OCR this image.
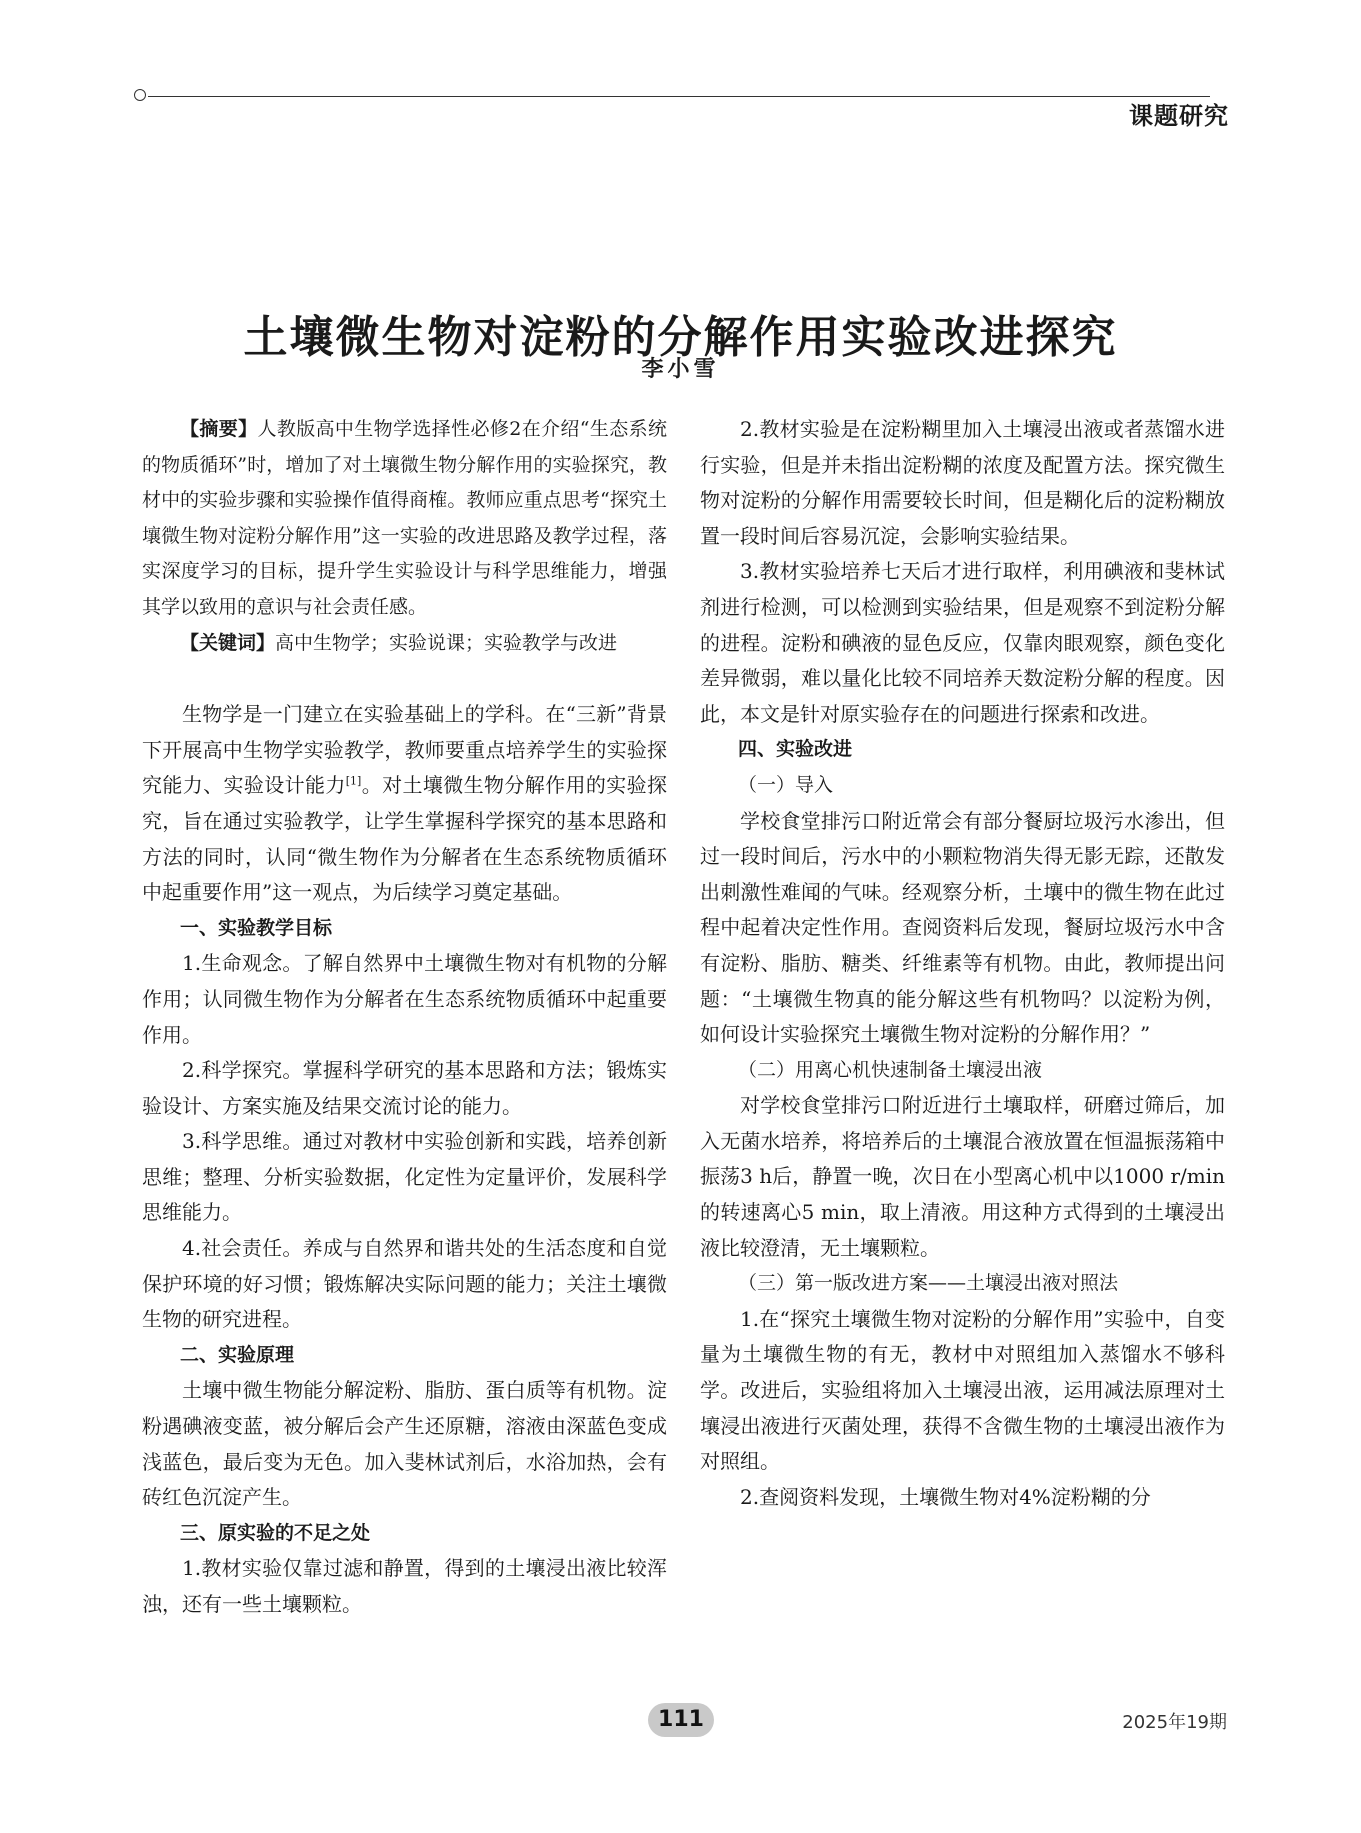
课题研究
土壤微生物对淀粉的分解作用实验改进探究
李小雪

【摘要】人教版高中生物学选择性必修2在介绍“生态系统的物质循环”时，增加了对土壤微生物分解作用的实验探究，教材中的实验步骤和实验操作值得商榷。教师应重点思考“探究土壤微生物对淀粉分解作用”这一实验的改进思路及教学过程，落实深度学习的目标，提升学生实验设计与科学思维能力，增强其学以致用的意识与社会责任感。

【关键词】高中生物学；实验说课；实验教学与改进

生物学是一门建立在实验基础上的学科。在“三新”背景下开展高中生物学实验教学，教师要重点培养学生的实验探究能力、实验设计能力[1]。对土壤微生物分解作用的实验探究，旨在通过实验教学，让学生掌握科学探究的基本思路和方法的同时，认同“微生物作为分解者在生态系统物质循环中起重要作用”这一观点，为后续学习奠定基础。

一、实验教学目标

1.生命观念。了解自然界中土壤微生物对有机物的分解作用；认同微生物作为分解者在生态系统物质循环中起重要作用。

2.科学探究。掌握科学研究的基本思路和方法；锻炼实验设计、方案实施及结果交流讨论的能力。

3.科学思维。通过对教材中实验创新和实践，培养创新思维；整理、分析实验数据，化定性为定量评价，发展科学思维能力。

4.社会责任。养成与自然界和谐共处的生活态度和自觉保护环境的好习惯；锻炼解决实际问题的能力；关注土壤微生物的研究进程。

二、实验原理

土壤中微生物能分解淀粉、脂肪、蛋白质等有机物。淀粉遇碘液变蓝，被分解后会产生还原糖，溶液由深蓝色变成浅蓝色，最后变为无色。加入斐林试剂后，水浴加热，会有砖红色沉淀产生。

三、原实验的不足之处

1.教材实验仅靠过滤和静置，得到的土壤浸出液比较浑浊，还有一些土壤颗粒。

2.教材实验是在淀粉糊里加入土壤浸出液或者蒸馏水进行实验，但是并未指出淀粉糊的浓度及配置方法。探究微生物对淀粉的分解作用需要较长时间，但是糊化后的淀粉糊放置一段时间后容易沉淀，会影响实验结果。

3.教材实验培养七天后才进行取样，利用碘液和斐林试剂进行检测，可以检测到实验结果，但是观察不到淀粉分解的进程。淀粉和碘液的显色反应，仅靠肉眼观察，颜色变化差异微弱，难以量化比较不同培养天数淀粉分解的程度。因此，本文是针对原实验存在的问题进行探索和改进。

四、实验改进

（一）导入

学校食堂排污口附近常会有部分餐厨垃圾污水渗出，但过一段时间后，污水中的小颗粒物消失得无影无踪，还散发出刺激性难闻的气味。经观察分析，土壤中的微生物在此过程中起着决定性作用。查阅资料后发现，餐厨垃圾污水中含有淀粉、脂肪、糖类、纤维素等有机物。由此，教师提出问题：“土壤微生物真的能分解这些有机物吗？以淀粉为例，如何设计实验探究土壤微生物对淀粉的分解作用？”

（二）用离心机快速制备土壤浸出液

对学校食堂排污口附近进行土壤取样，研磨过筛后，加入无菌水培养，将培养后的土壤混合液放置在恒温振荡箱中振荡3 h后，静置一晚，次日在小型离心机中以1000 r/min的转速离心5 min，取上清液。用这种方式得到的土壤浸出液比较澄清，无土壤颗粒。

（三）第一版改进方案——土壤浸出液对照法

1.在“探究土壤微生物对淀粉的分解作用”实验中，自变量为土壤微生物的有无，教材中对照组加入蒸馏水不够科学。改进后，实验组将加入土壤浸出液，运用减法原理对土壤浸出液进行灭菌处理，获得不含微生物的土壤浸出液作为对照组。

2.查阅资料发现，土壤微生物对4%淀粉糊的分

111	2025年19期
